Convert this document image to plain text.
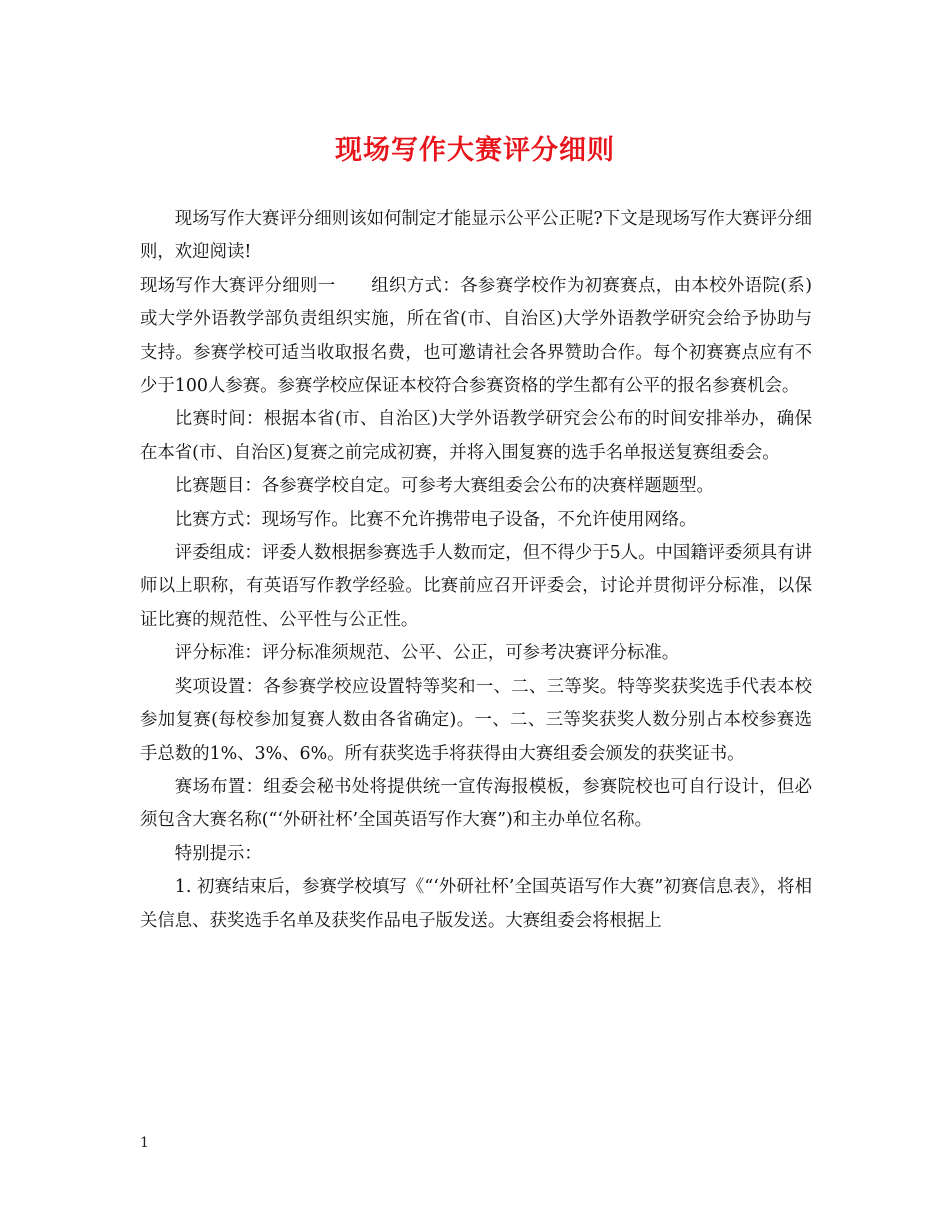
现场写作大赛评分细则

现场写作大赛评分细则该如何制定才能显示公平公正呢?下文是现场写作大赛评分细则，欢迎阅读!

现场写作大赛评分细则一　　组织方式：各参赛学校作为初赛赛点，由本校外语院(系)或大学外语教学部负责组织实施，所在省(市、自治区)大学外语教学研究会给予协助与支持。参赛学校可适当收取报名费，也可邀请社会各界赞助合作。每个初赛赛点应有不少于100人参赛。参赛学校应保证本校符合参赛资格的学生都有公平的报名参赛机会。

比赛时间：根据本省(市、自治区)大学外语教学研究会公布的时间安排举办，确保在本省(市、自治区)复赛之前完成初赛，并将入围复赛的选手名单报送复赛组委会。

比赛题目：各参赛学校自定。可参考大赛组委会公布的决赛样题题型。

比赛方式：现场写作。比赛不允许携带电子设备，不允许使用网络。

评委组成：评委人数根据参赛选手人数而定，但不得少于5人。中国籍评委须具有讲师以上职称，有英语写作教学经验。比赛前应召开评委会，讨论并贯彻评分标准，以保证比赛的规范性、公平性与公正性。

评分标准：评分标准须规范、公平、公正，可参考决赛评分标准。

奖项设置：各参赛学校应设置特等奖和一、二、三等奖。特等奖获奖选手代表本校参加复赛(每校参加复赛人数由各省确定)。一、二、三等奖获奖人数分别占本校参赛选手总数的1%、3%、6%。所有获奖选手将获得由大赛组委会颁发的获奖证书。

赛场布置：组委会秘书处将提供统一宣传海报模板，参赛院校也可自行设计，但必须包含大赛名称(“‘外研社杯’全国英语写作大赛”)和主办单位名称。

特别提示：

1. 初赛结束后，参赛学校填写《“‘外研社杯’全国英语写作大赛”初赛信息表》，将相关信息、获奖选手名单及获奖作品电子版发送。大赛组委会将根据上

1
